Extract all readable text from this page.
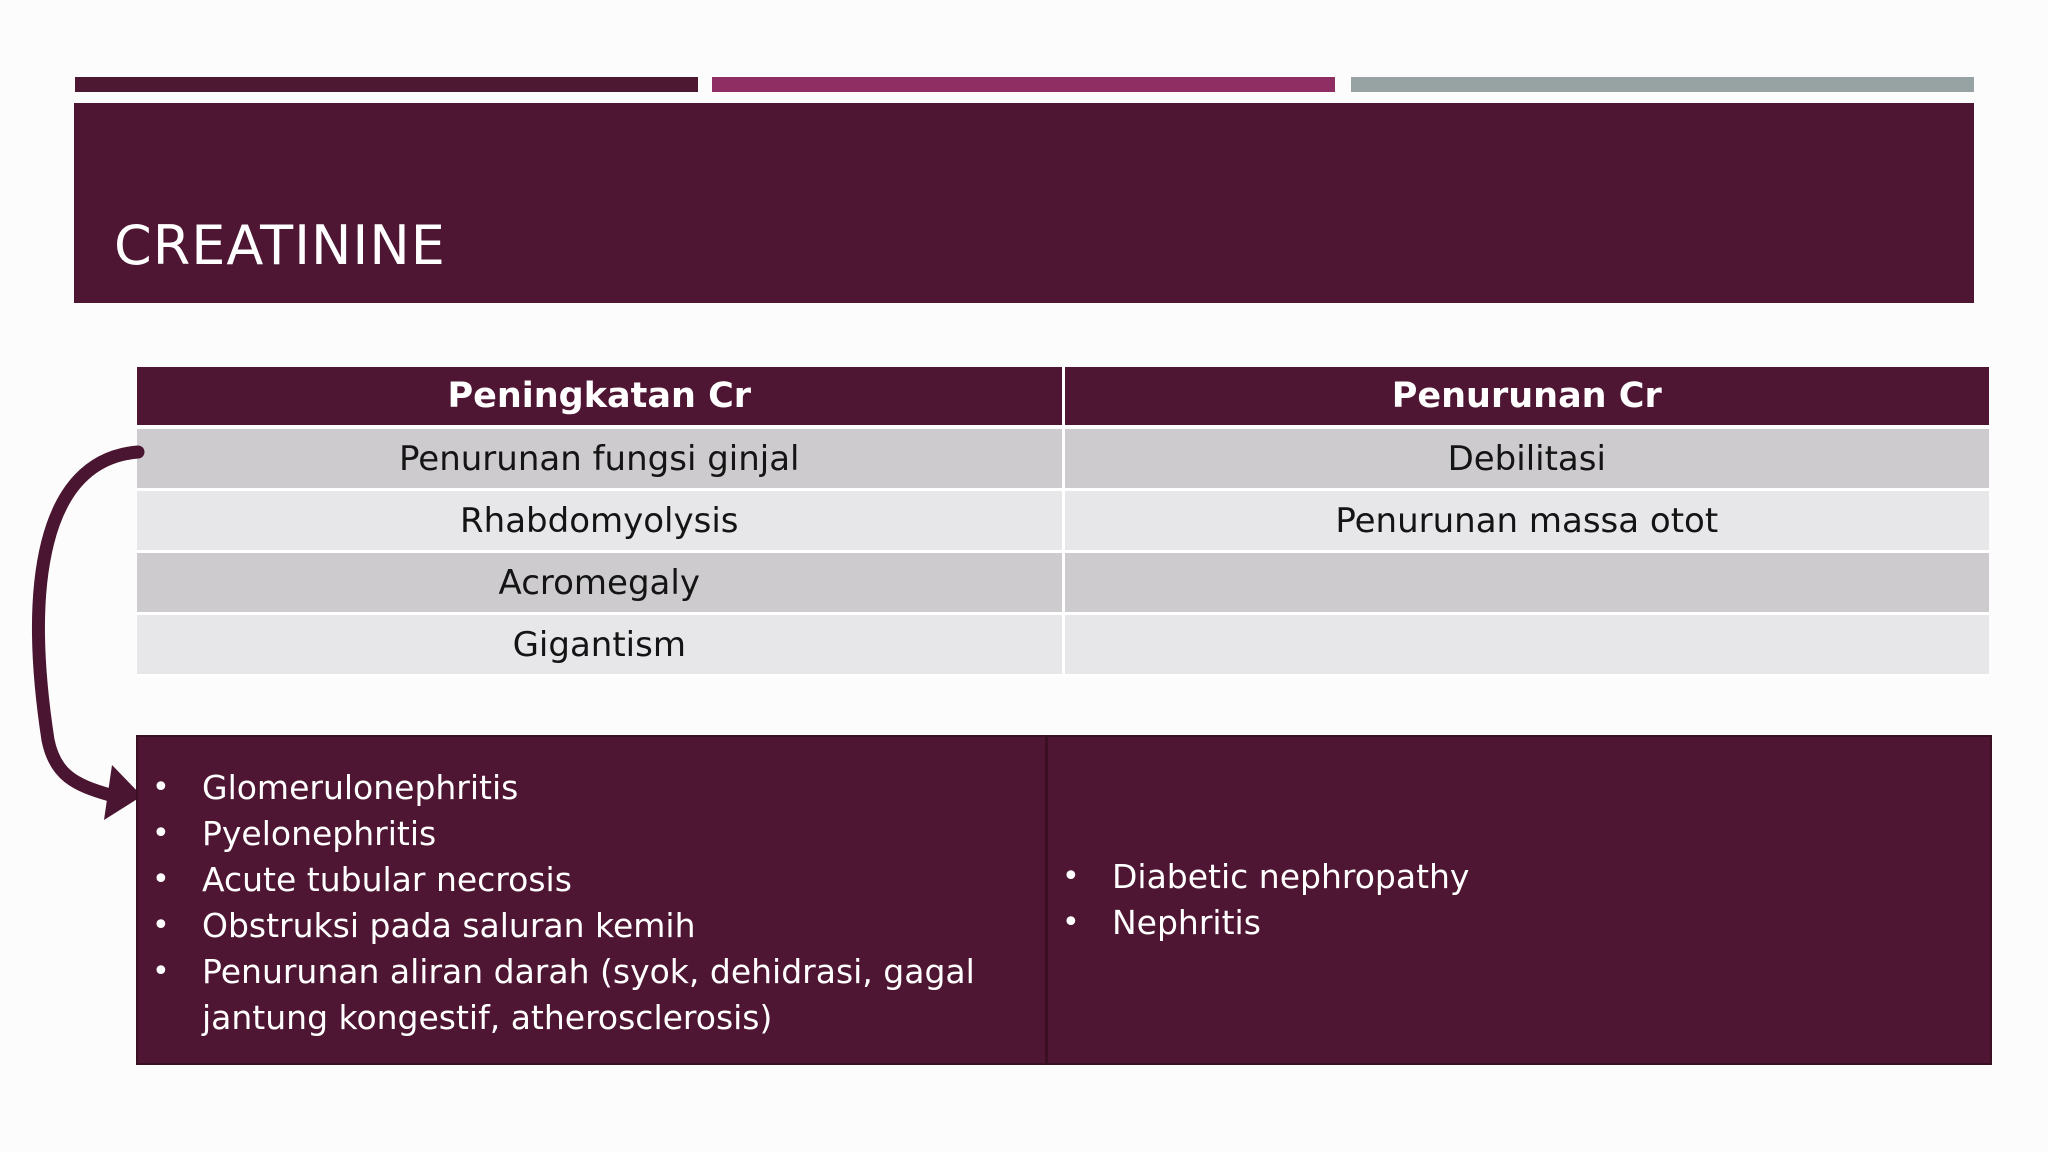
CREATININE
Peningkatan Cr	Penurunan Cr
Penurunan fungsi ginjal	Debilitasi
Rhabdomyolysis	Penurunan massa otot
Acromegaly	
Gigantism	
• Glomerulonephritis
• Pyelonephritis
• Acute tubular necrosis
• Obstruksi pada saluran kemih
• Penurunan aliran darah (syok, dehidrasi, gagal jantung kongestif, atherosclerosis)
• Diabetic nephropathy
• Nephritis
